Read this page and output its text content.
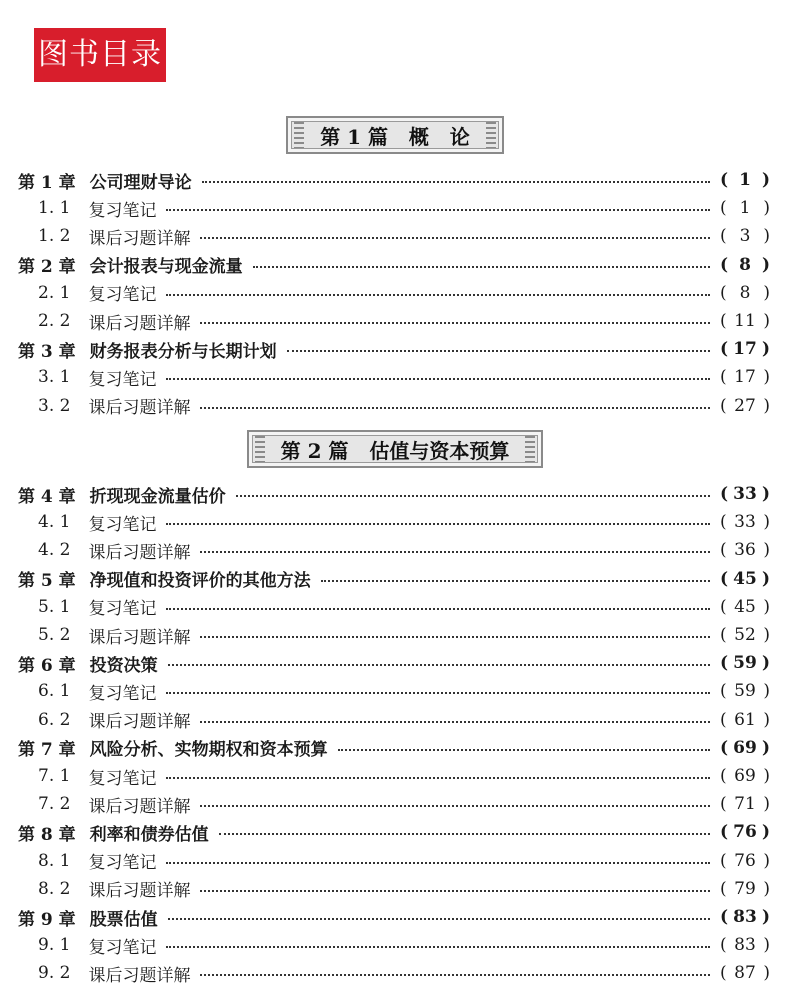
图书目录
第 1 篇   概   论
第 1 章 公司理财导论	( 1 )
1. 1 复习笔记	( 1 )
1. 2 课后习题详解	( 3 )
第 2 章 会计报表与现金流量	( 8 )
2. 1 复习笔记	( 8 )
2. 2 课后习题详解	( 11 )
第 3 章 财务报表分析与长期计划	( 17 )
3. 1 复习笔记	( 17 )
3. 2 课后习题详解	( 27 )
第 2 篇   估值与资本预算
第 4 章 折现现金流量估价	( 33 )
4. 1 复习笔记	( 33 )
4. 2 课后习题详解	( 36 )
第 5 章 净现值和投资评价的其他方法	( 45 )
5. 1 复习笔记	( 45 )
5. 2 课后习题详解	( 52 )
第 6 章 投资决策	( 59 )
6. 1 复习笔记	( 59 )
6. 2 课后习题详解	( 61 )
第 7 章 风险分析、实物期权和资本预算	( 69 )
7. 1 复习笔记	( 69 )
7. 2 课后习题详解	( 71 )
第 8 章 利率和债券估值	( 76 )
8. 1 复习笔记	( 76 )
8. 2 课后习题详解	( 79 )
第 9 章 股票估值	( 83 )
9. 1 复习笔记	( 83 )
9. 2 课后习题详解	( 87 )
